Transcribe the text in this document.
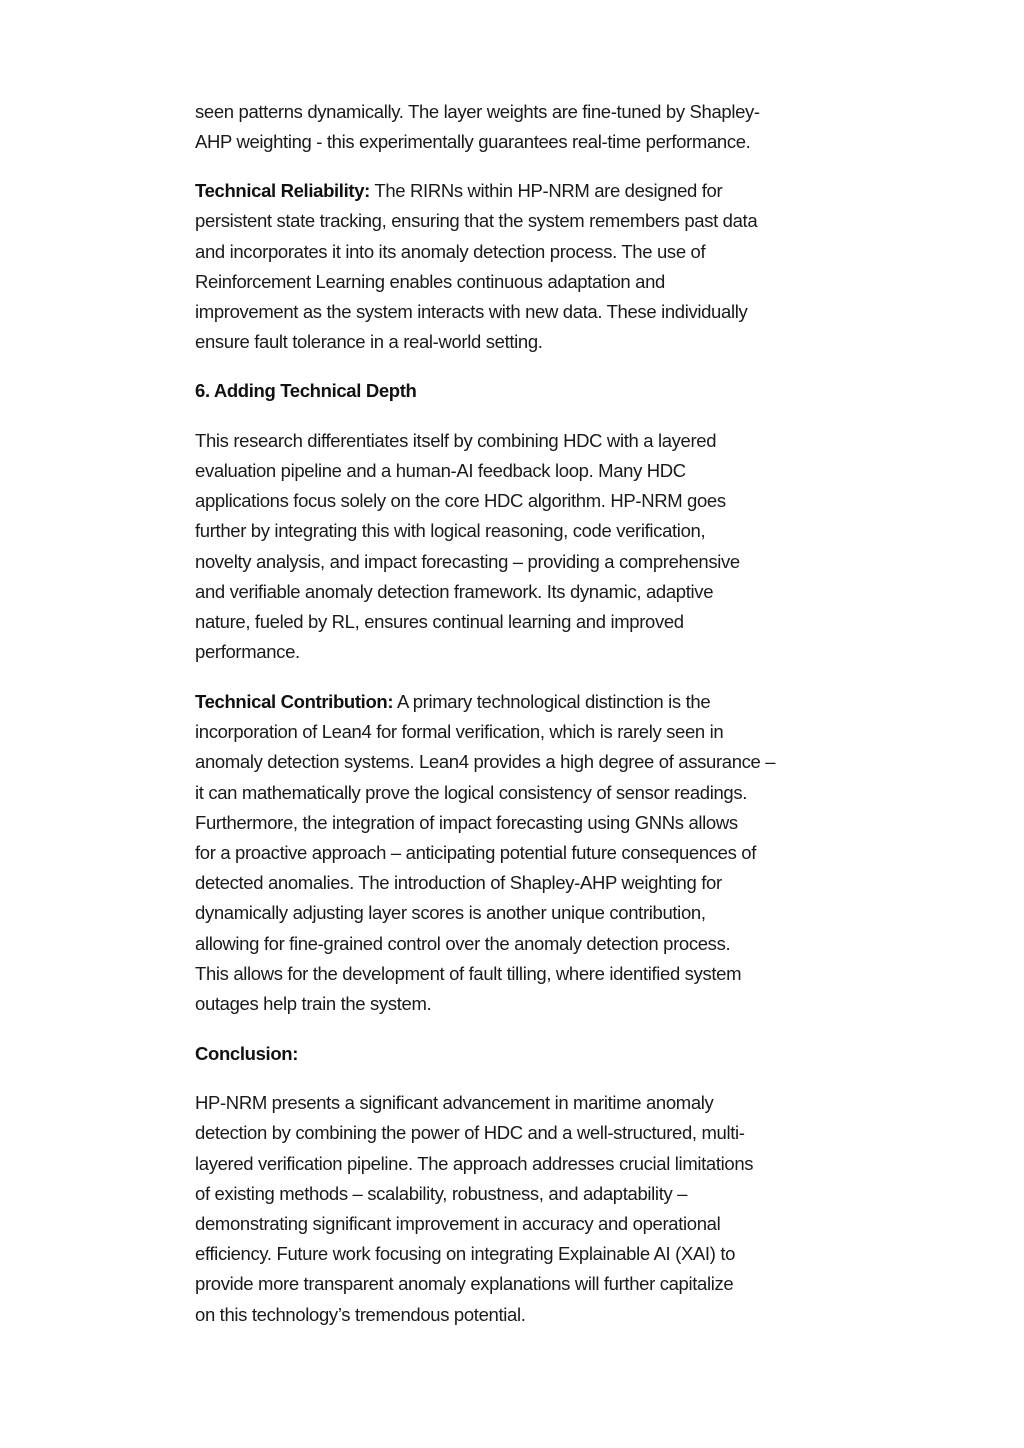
seen patterns dynamically. The layer weights are fine-tuned by Shapley-
AHP weighting - this experimentally guarantees real-time performance.
Technical Reliability: The RIRNs within HP-NRM are designed for
persistent state tracking, ensuring that the system remembers past data
and incorporates it into its anomaly detection process. The use of
Reinforcement Learning enables continuous adaptation and
improvement as the system interacts with new data. These individually
ensure fault tolerance in a real-world setting.
6. Adding Technical Depth
This research differentiates itself by combining HDC with a layered
evaluation pipeline and a human-AI feedback loop. Many HDC
applications focus solely on the core HDC algorithm. HP-NRM goes
further by integrating this with logical reasoning, code verification,
novelty analysis, and impact forecasting – providing a comprehensive
and verifiable anomaly detection framework. Its dynamic, adaptive
nature, fueled by RL, ensures continual learning and improved
performance.
Technical Contribution: A primary technological distinction is the
incorporation of Lean4 for formal verification, which is rarely seen in
anomaly detection systems. Lean4 provides a high degree of assurance –
it can mathematically prove the logical consistency of sensor readings.
Furthermore, the integration of impact forecasting using GNNs allows
for a proactive approach – anticipating potential future consequences of
detected anomalies. The introduction of Shapley-AHP weighting for
dynamically adjusting layer scores is another unique contribution,
allowing for fine-grained control over the anomaly detection process.
This allows for the development of fault tilling, where identified system
outages help train the system.
Conclusion:
HP-NRM presents a significant advancement in maritime anomaly
detection by combining the power of HDC and a well-structured, multi-
layered verification pipeline. The approach addresses crucial limitations
of existing methods – scalability, robustness, and adaptability –
demonstrating significant improvement in accuracy and operational
efficiency. Future work focusing on integrating Explainable AI (XAI) to
provide more transparent anomaly explanations will further capitalize
on this technology’s tremendous potential.
